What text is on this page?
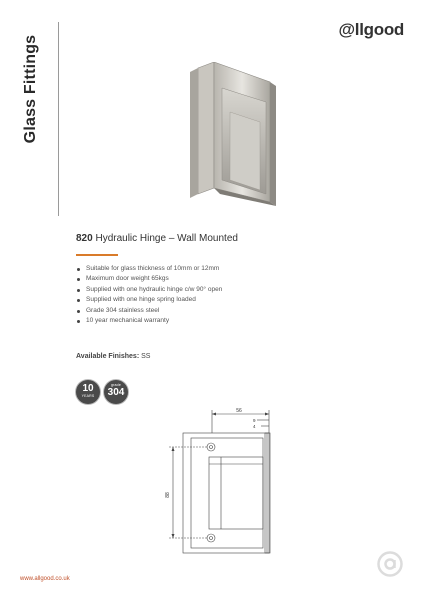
Glass Fittings
@llgood
820 Hydraulic Hinge – Wall Mounted
Suitable for glass thickness of 10mm or 12mm
Maximum door weight 65kgs
Supplied with one hydraulic hinge c/w 90° open
Supplied with one hinge spring loaded
Grade 304 stainless steel
10 year mechanical warranty
Available Finishes: SS
10
YEARS
grade
304
56
9
4
88
www.allgood.co.uk
